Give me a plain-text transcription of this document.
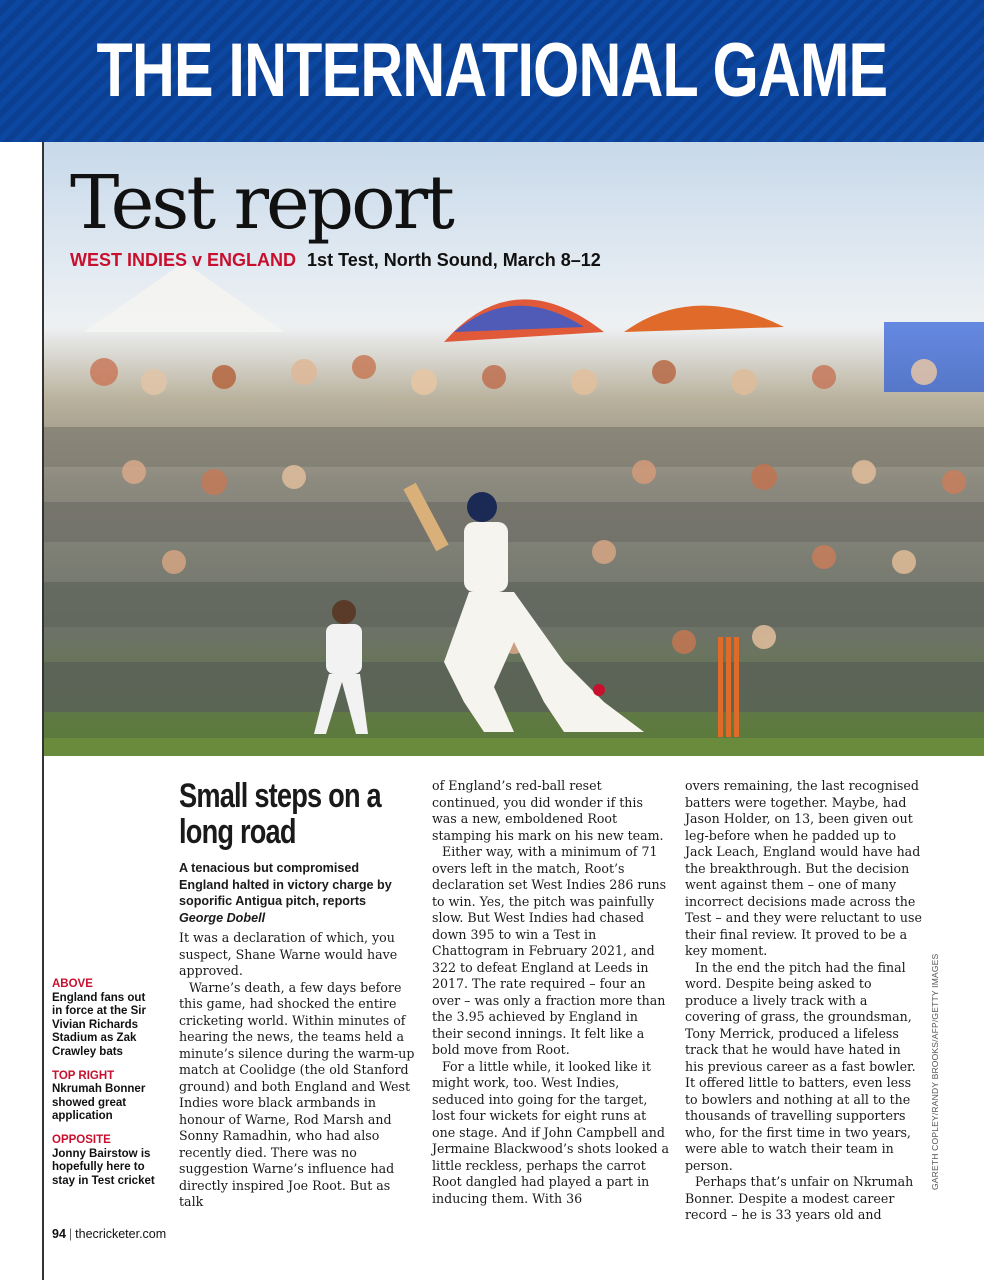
THE INTERNATIONAL GAME
Test report
WEST INDIES v ENGLAND 1st Test, North Sound, March 8–12
ABOVE
England fans out in force at the Sir Vivian Richards Stadium as Zak Crawley bats
TOP RIGHT
Nkrumah Bonner showed great application
OPPOSITE
Jonny Bairstow is hopefully here to stay in Test cricket
Small steps on a long road
A tenacious but compromised England halted in victory charge by soporific Antigua pitch, reports George Dobell

It was a declaration of which, you suspect, Shane Warne would have approved.

Warne’s death, a few days before this game, had shocked the entire cricketing world. Within minutes of hearing the news, the teams held a minute’s silence during the warm-up match at Coolidge (the old Stanford ground) and both England and West Indies wore black armbands in honour of Warne, Rod Marsh and Sonny Ramadhin, who had also recently died. There was no suggestion Warne’s influence had directly inspired Joe Root. But as talk

of England’s red-ball reset continued, you did wonder if this was a new, emboldened Root stamping his mark on his new team.

Either way, with a minimum of 71 overs left in the match, Root’s declaration set West Indies 286 runs to win. Yes, the pitch was painfully slow. But West Indies had chased down 395 to win a Test in Chattogram in February 2021, and 322 to defeat England at Leeds in 2017. The rate required – four an over – was only a fraction more than the 3.95 achieved by England in their second innings. It felt like a bold move from Root.

For a little while, it looked like it might work, too. West Indies, seduced into going for the target, lost four wickets for eight runs at one stage. And if John Campbell and Jermaine Blackwood’s shots looked a little reckless, perhaps the carrot Root dangled had played a part in inducing them. With 36

overs remaining, the last recognised batters were together. Maybe, had Jason Holder, on 13, been given out leg-before when he padded up to Jack Leach, England would have had the breakthrough. But the decision went against them – one of many incorrect decisions made across the Test – and they were reluctant to use their final review. It proved to be a key moment.

In the end the pitch had the final word. Despite being asked to produce a lively track with a covering of grass, the groundsman, Tony Merrick, produced a lifeless track that he would have hated in his previous career as a fast bowler. It offered little to batters, even less to bowlers and nothing at all to the thousands of travelling supporters who, for the first time in two years, were able to watch their team in person.

Perhaps that’s unfair on Nkrumah Bonner. Despite a modest career record – he is 33 years old and

GARETH COPLEY/RANDY BROOKS/AFP/GETTY IMAGES
94 | thecricketer.com
